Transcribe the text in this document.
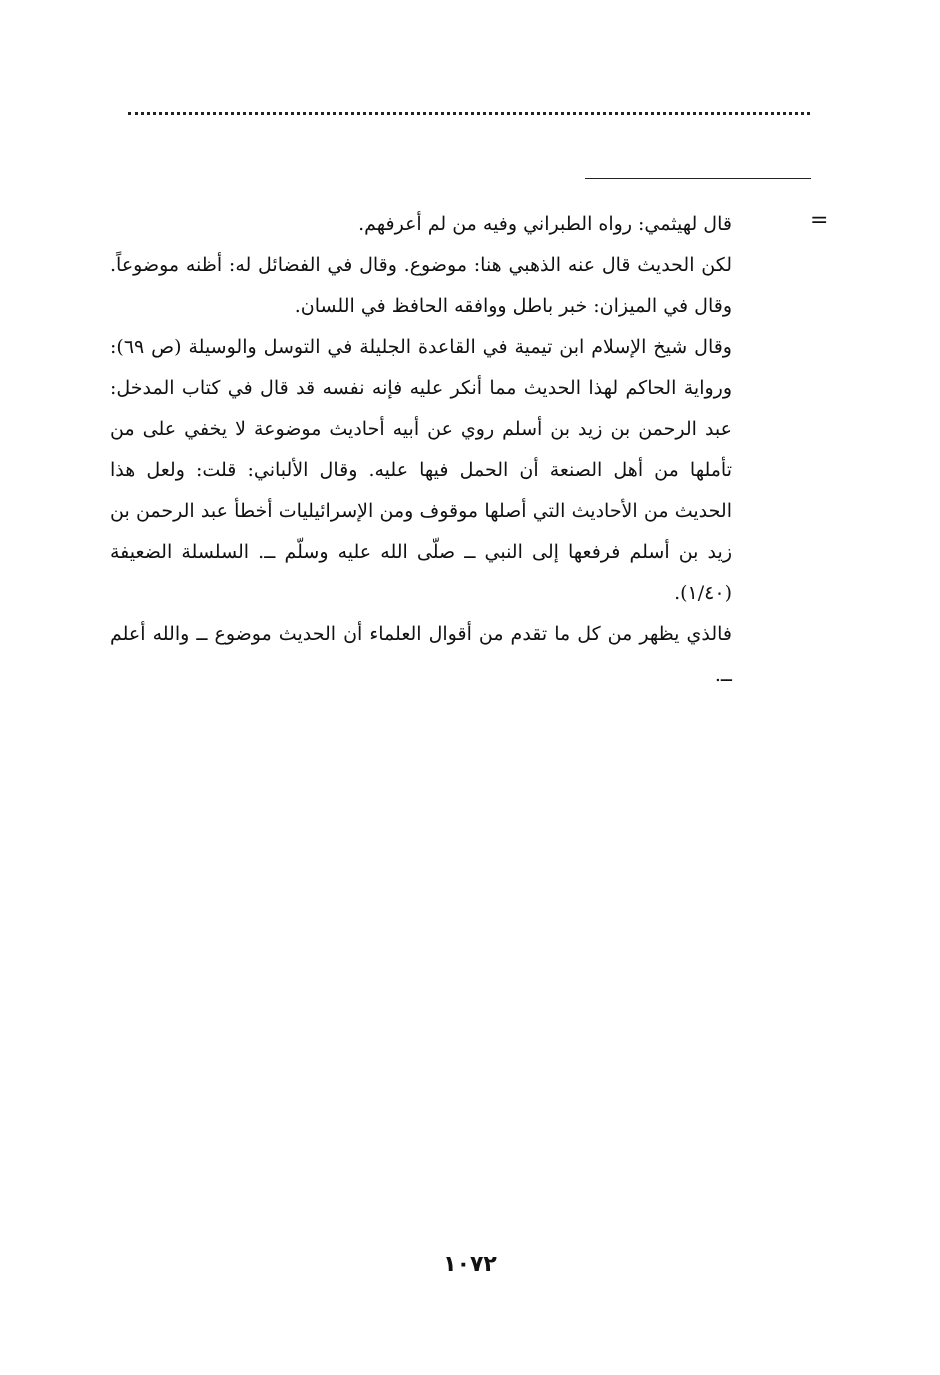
=

قال لهيثمي: رواه الطبراني وفيه من لم أعرفهم.

لكن الحديث قال عنه الذهبي هنا: موضوع. وقال في الفضائل له: أظنه موضوعاً. وقال في الميزان: خبر باطل ووافقه الحافظ في اللسان.

وقال شيخ الإسلام ابن تيمية في القاعدة الجليلة في التوسل والوسيلة (ص ٦٩): ورواية الحاكم لهذا الحديث مما أنكر عليه فإنه نفسه قد قال في كتاب المدخل: عبد الرحمن بن زيد بن أسلم روي عن أبيه أحاديث موضوعة لا يخفي على من تأملها من أهل الصنعة أن الحمل فيها عليه. وقال الألباني: قلت: ولعل هذا الحديث من الأحاديث التي أصلها موقوف ومن الإسرائيليات أخطأ عبد الرحمن بن زيد بن أسلم فرفعها إلى النبي ــ صلّى الله عليه وسلّم ــ. السلسلة الضعيفة (١/٤٠).

فالذي يظهر من كل ما تقدم من أقوال العلماء أن الحديث موضوع ــ والله أعلم ــ.

١٠٧٢
